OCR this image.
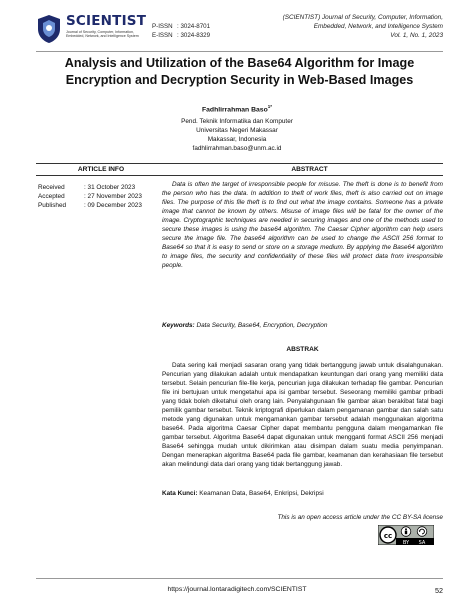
SCIENTIST
Journal of Security, Computer, Information, Embedded, Network, and Intelligence System
P-ISSN : 3024-8701
E-ISSN : 3024-8329
(SCIENTIST) Journal of Security, Computer, Information,
Embedded, Network, and Intelligence System
Vol. 1, No. 1, 2023
Analysis and Utilization of the Base64 Algorithm for Image Encryption and Decryption Security in Web-Based Images
Fadhlirrahman Baso$^{1*}$
Pend. Teknik Informatika dan Komputer
Universitas Negeri Makassar
Makassar, Indonesia
fadhlirrahman.baso@unm.ac.id
ARTICLE INFO	ABSTRACT
Received	: 31 October 2023
Accepted	: 27 November 2023
Published	: 09 December 2023
Data is often the target of irresponsible people for misuse. The theft is done is to benefit from the person who has the data. In addition to theft of work files, theft is also carried out on image files. The purpose of this file theft is to find out what the image contains. Someone has a private image that cannot be known by others. Misuse of image files will be fatal for the owner of the image. Cryptographic techniques are needed in securing images and one of the methods used to secure these images is using the base64 algorithm. The Caesar Cipher algorithm can help users secure the image file. The base64 algorithm can be used to change the ASCII 256 format to Base64 so that it is easy to send or store on a storage medium. By applying the Base64 algorithm to image files, the security and confidentiality of these files will protect data from irresponsible people.
Keywords: Data Security, Base64, Encryption, Decryption
ABSTRAK
Data sering kali menjadi sasaran orang yang tidak bertanggung jawab untuk disalahgunakan. Pencurian yang dilakukan adalah untuk mendapatkan keuntungan dari orang yang memiliki data tersebut. Selain pencurian file-file kerja, pencurian juga dilakukan terhadap file gambar. Pencurian file ini bertujuan untuk mengetahui apa isi gambar tersebut. Seseorang memiliki gambar pribadi yang tidak boleh diketahui oleh orang lain. Penyalahgunaan file gambar akan berakibat fatal bagi pemilik gambar tersebut. Teknik kriptografi diperlukan dalam pengamanan gambar dan salah satu metode yang digunakan untuk mengamankan gambar tersebut adalah menggunakan algoritma base64. Pada algoritma Caesar Cipher dapat membantu pengguna dalam mengamankan file gambar tersebut. Algoritma Base64 dapat digunakan untuk mengganti format ASCII 256 menjadi Base64 sehingga mudah untuk dikirimkan atau disimpan dalam suatu media penyimpanan. Dengan menerapkan algoritma Base64 pada file gambar, keamanan dan kerahasiaan file tersebut akan melindungi data dari orang yang tidak bertanggung jawab.
Kata Kunci: Keamanan Data, Base64, Enkripsi, Dekripsi
This is an open access article under the CC BY-SA license
cc
BY SA
https://journal.lontaradigitech.com/SCIENTIST	52
